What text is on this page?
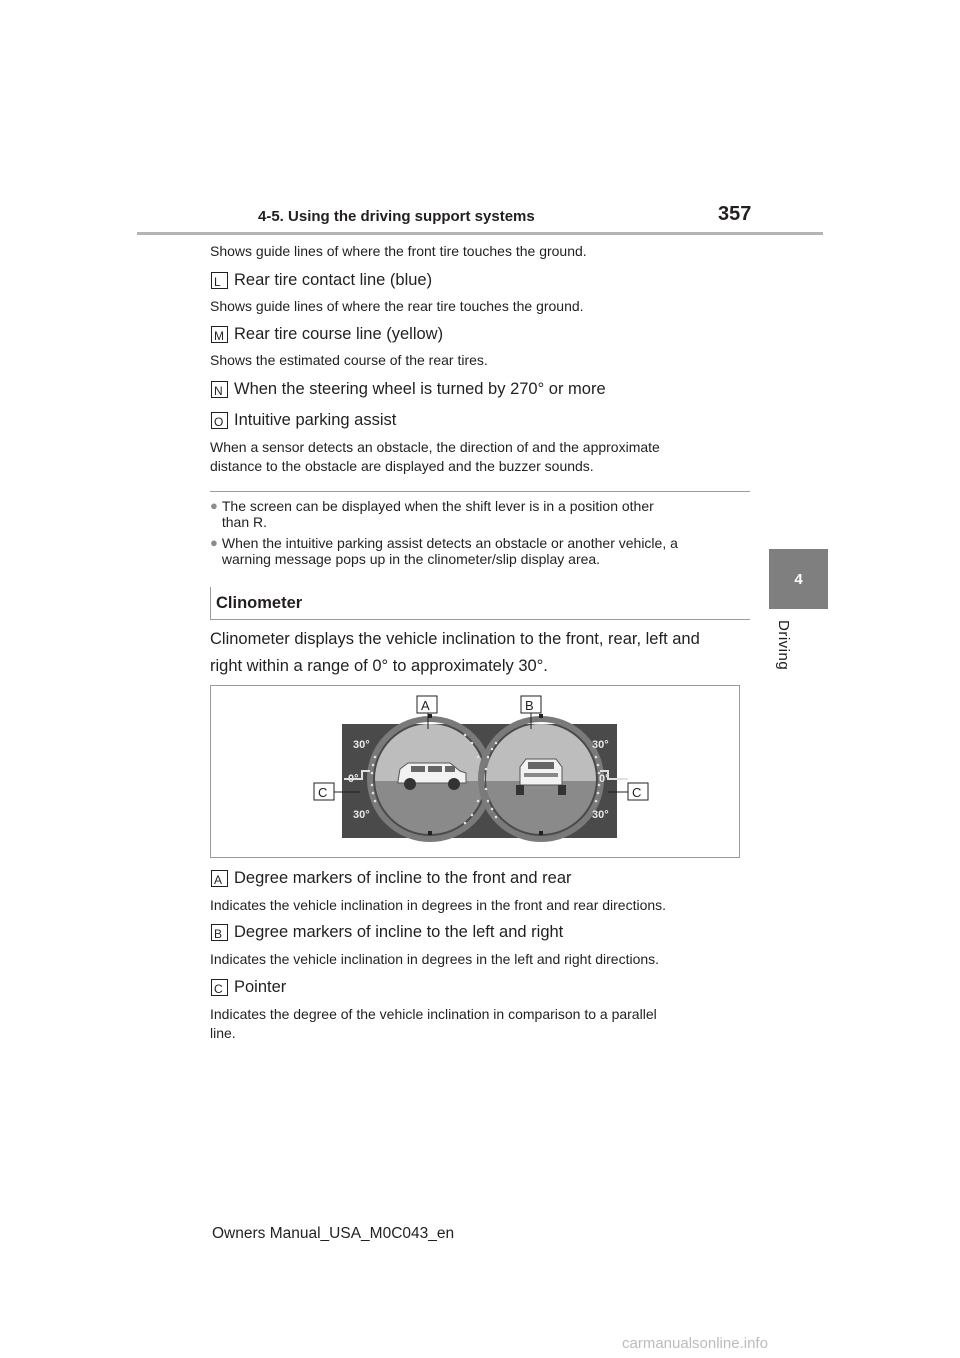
4-5. Using the driving support systems	357
4
Driving
Shows guide lines of where the front tire touches the ground.
L Rear tire contact line (blue)
Shows guide lines of where the rear tire touches the ground.
M Rear tire course line (yellow)
Shows the estimated course of the rear tires.
N When the steering wheel is turned by 270° or more
O Intuitive parking assist
When a sensor detects an obstacle, the direction of and the approximate
distance to the obstacle are displayed and the buzzer sounds.
● The screen can be displayed when the shift lever is in a position other
than R.
● When the intuitive parking assist detects an obstacle or another vehicle, a
warning message pops up in the clinometer/slip display area.
Clinometer
Clinometer displays the vehicle inclination to the front, rear, left and
right within a range of 0° to approximately 30°.
30°
0°
30°
30°
0°
30°
A	B
C	C
A Degree markers of incline to the front and rear
Indicates the vehicle inclination in degrees in the front and rear directions.
B Degree markers of incline to the left and right
Indicates the vehicle inclination in degrees in the left and right directions.
C Pointer
Indicates the degree of the vehicle inclination in comparison to a parallel
line.
Owners Manual_USA_M0C043_en
carmanualsonline.info
